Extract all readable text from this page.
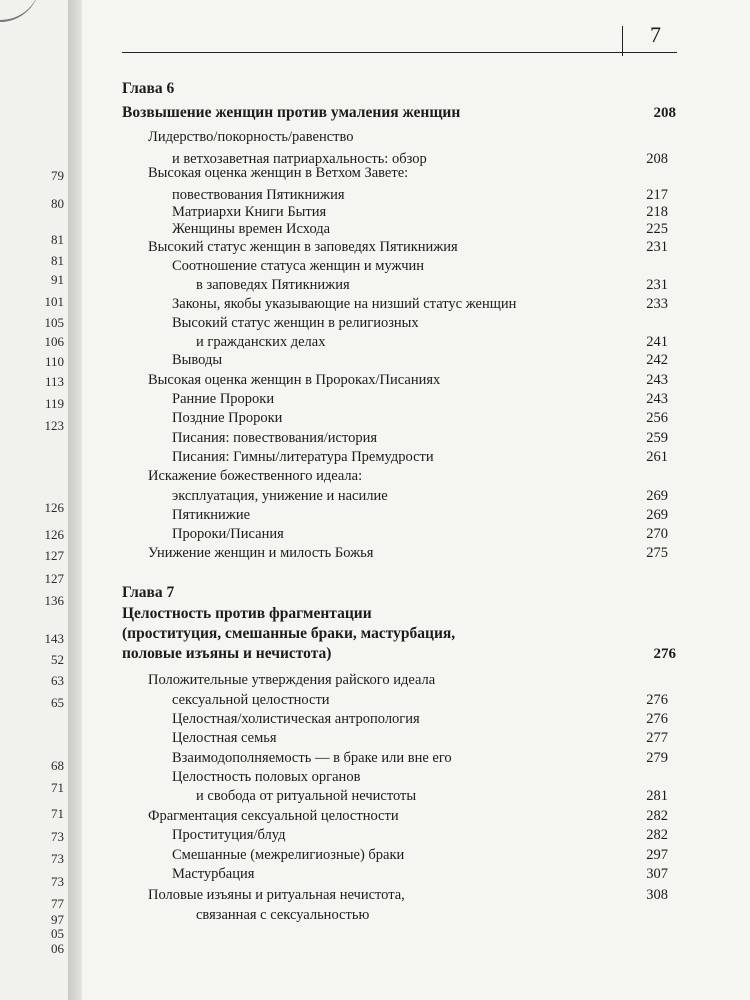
79
80
81
81
91
101
105
106
110
113
119
123
126
126
127
127
136
143
52
63
65
68
71
71
73
73
73
77
97
05
06
7
Глава 6
Возвышение женщин против умаления женщин	208
Лидерство/покорность/равенство
и ветхозаветная патриархальность: обзор	208
Высокая оценка женщин в Ветхом Завете:
повествования Пятикнижия	217
Матриархи Книги Бытия	218
Женщины времен Исхода	225
Высокий статус женщин в заповедях Пятикнижия	231
Соотношение статуса женщин и мужчин
в заповедях Пятикнижия	231
Законы, якобы указывающие на низший статус женщин	233
Высокий статус женщин в религиозных
и гражданских делах	241
Выводы	242
Высокая оценка женщин в Пророках/Писаниях	243
Ранние Пророки	243
Поздние Пророки	256
Писания: повествования/история	259
Писания: Гимны/литература Премудрости	261
Искажение божественного идеала:
эксплуатация, унижение и насилие	269
Пятикнижие	269
Пророки/Писания	270
Унижение женщин и милость Божья	275
Глава 7
Целостность против фрагментации
(проституция, смешанные браки, мастурбация,
половые изъяны и нечистота)	276
Положительные утверждения райского идеала
сексуальной целостности	276
Целостная/холистическая антропология	276
Целостная семья	277
Взаимодополняемость — в браке или вне его	279
Целостность половых органов
и свобода от ритуальной нечистоты	281
Фрагментация сексуальной целостности	282
Проституция/блуд	282
Смешанные (межрелигиозные) браки	297
Мастурбация	307
Половые изъяны и ритуальная нечистота,	308
связанная с сексуальностью
